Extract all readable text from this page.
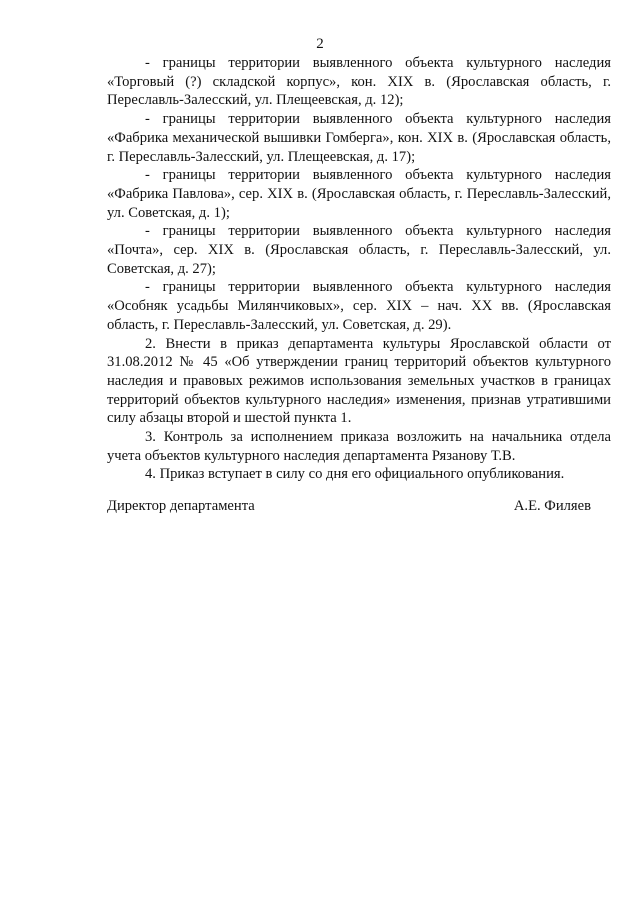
2

- границы территории выявленного объекта культурного наследия «Торговый (?) складской корпус», кон. XIX в. (Ярославская область, г. Переславль-Залесский, ул. Плещеевская, д. 12);

- границы территории выявленного объекта культурного наследия «Фабрика механической вышивки Гомберга», кон. XIX в. (Ярославская область, г. Переславль-Залесский, ул. Плещеевская, д. 17);

- границы территории выявленного объекта культурного наследия «Фабрика Павлова», сер. XIX в. (Ярославская область, г. Переславль-Залесский, ул. Советская, д. 1);

- границы территории выявленного объекта культурного наследия «Почта», сер. XIX в. (Ярославская область, г. Переславль-Залесский, ул. Советская, д. 27);

- границы территории выявленного объекта культурного наследия «Особняк усадьбы Милянчиковых», сер. XIX – нач. XX вв. (Ярославская область, г. Переславль-Залесский, ул. Советская, д. 29).

2. Внести в приказ департамента культуры Ярославской области от 31.08.2012 № 45 «Об утверждении границ территорий объектов культурного наследия и правовых режимов использования земельных участков в границах территорий объектов культурного наследия» изменения, признав утратившими силу абзацы второй и шестой пункта 1.

3. Контроль за исполнением приказа возложить на начальника отдела учета объектов культурного наследия департамента Рязанову Т.В.

4. Приказ вступает в силу со дня его официального опубликования.

Директор департамента	А.Е. Филяев
